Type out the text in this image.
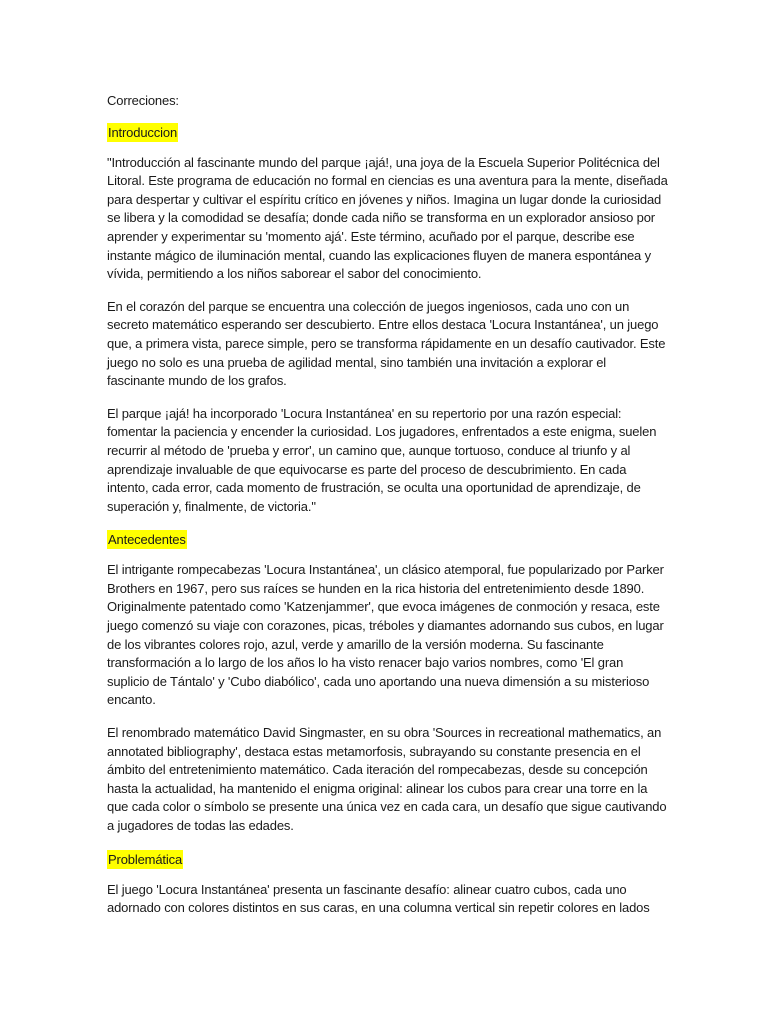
Correciones:
Introduccion
"Introducción al fascinante mundo del parque ¡ajá!, una joya de la Escuela Superior Politécnica del
Litoral. Este programa de educación no formal en ciencias es una aventura para la mente, diseñada
para despertar y cultivar el espíritu crítico en jóvenes y niños. Imagina un lugar donde la curiosidad
se libera y la comodidad se desafía; donde cada niño se transforma en un explorador ansioso por
aprender y experimentar su 'momento ajá'. Este término, acuñado por el parque, describe ese
instante mágico de iluminación mental, cuando las explicaciones fluyen de manera espontánea y
vívida, permitiendo a los niños saborear el sabor del conocimiento.
En el corazón del parque se encuentra una colección de juegos ingeniosos, cada uno con un
secreto matemático esperando ser descubierto. Entre ellos destaca 'Locura Instantánea', un juego
que, a primera vista, parece simple, pero se transforma rápidamente en un desafío cautivador. Este
juego no solo es una prueba de agilidad mental, sino también una invitación a explorar el
fascinante mundo de los grafos.
El parque ¡ajá! ha incorporado 'Locura Instantánea' en su repertorio por una razón especial:
fomentar la paciencia y encender la curiosidad. Los jugadores, enfrentados a este enigma, suelen
recurrir al método de 'prueba y error', un camino que, aunque tortuoso, conduce al triunfo y al
aprendizaje invaluable de que equivocarse es parte del proceso de descubrimiento. En cada
intento, cada error, cada momento de frustración, se oculta una oportunidad de aprendizaje, de
superación y, finalmente, de victoria."
Antecedentes
El intrigante rompecabezas 'Locura Instantánea', un clásico atemporal, fue popularizado por Parker
Brothers en 1967, pero sus raíces se hunden en la rica historia del entretenimiento desde 1890.
Originalmente patentado como 'Katzenjammer', que evoca imágenes de conmoción y resaca, este
juego comenzó su viaje con corazones, picas, tréboles y diamantes adornando sus cubos, en lugar
de los vibrantes colores rojo, azul, verde y amarillo de la versión moderna. Su fascinante
transformación a lo largo de los años lo ha visto renacer bajo varios nombres, como 'El gran
suplicio de Tántalo' y 'Cubo diabólico', cada uno aportando una nueva dimensión a su misterioso
encanto.
El renombrado matemático David Singmaster, en su obra 'Sources in recreational mathematics, an
annotated bibliography', destaca estas metamorfosis, subrayando su constante presencia en el
ámbito del entretenimiento matemático. Cada iteración del rompecabezas, desde su concepción
hasta la actualidad, ha mantenido el enigma original: alinear los cubos para crear una torre en la
que cada color o símbolo se presente una única vez en cada cara, un desafío que sigue cautivando
a jugadores de todas las edades.
Problemática
El juego 'Locura Instantánea' presenta un fascinante desafío: alinear cuatro cubos, cada uno
adornado con colores distintos en sus caras, en una columna vertical sin repetir colores en lados
